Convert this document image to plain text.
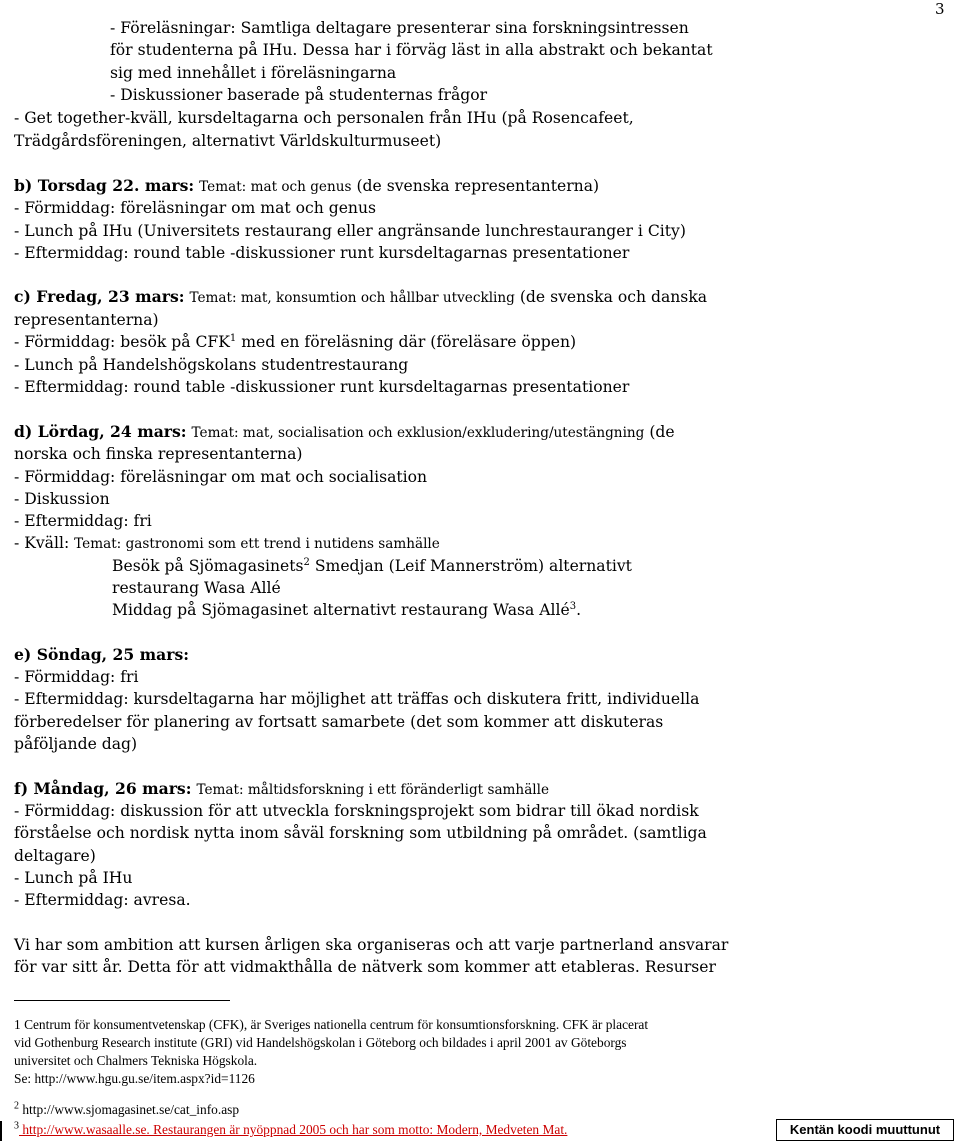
3
- Föreläsningar: Samtliga deltagare presenterar sina forskningsintressen
för studenterna på IHu. Dessa har i förväg läst in alla abstrakt och bekantat
sig med innehållet i föreläsningarna
- Diskussioner baserade på studenternas frågor
- Get together-kväll, kursdeltagarna och personalen från IHu (på Rosencafeet,
Trädgårdsföreningen, alternativt Världskulturmuseet)
b) Torsdag 22. mars: Temat: mat och genus (de svenska representanterna)
- Förmiddag: föreläsningar om mat och genus
- Lunch på IHu (Universitets restaurang eller angränsande lunchrestauranger i City)
- Eftermiddag: round table -diskussioner runt kursdeltagarnas presentationer
c) Fredag, 23 mars: Temat: mat, konsumtion och hållbar utveckling (de svenska och danska
representanterna)
- Förmiddag: besök på CFK$^1$ med en föreläsning där (föreläsare öppen)
- Lunch på Handelshögskolans studentrestaurang
- Eftermiddag: round table -diskussioner runt kursdeltagarnas presentationer
d) Lördag, 24 mars: Temat: mat, socialisation och exklusion/exkludering/utestängning (de
norska och finska representanterna)
- Förmiddag: föreläsningar om mat och socialisation
- Diskussion
- Eftermiddag: fri
- Kväll: Temat: gastronomi som ett trend i nutidens samhälle
Besök på Sjömagasinets$^2$ Smedjan (Leif Mannerström) alternativt
restaurang Wasa Allé
Middag på Sjömagasinet alternativt restaurang Wasa Allé$^3$.
e) Söndag, 25 mars:
- Förmiddag: fri
- Eftermiddag: kursdeltagarna har möjlighet att träffas och diskutera fritt, individuella
förberedelser för planering av fortsatt samarbete (det som kommer att diskuteras
påföljande dag)
f) Måndag, 26 mars: Temat: måltidsforskning i ett föränderligt samhälle
- Förmiddag: diskussion för att utveckla forskningsprojekt som bidrar till ökad nordisk
förståelse och nordisk nytta inom såväl forskning som utbildning på området. (samtliga
deltagare)
- Lunch på IHu
- Eftermiddag: avresa.
Vi har som ambition att kursen årligen ska organiseras och att varje partnerland ansvarar
för var sitt år. Detta för att vidmakthålla de nätverk som kommer att etableras. Resurser
1 Centrum för konsumentvetenskap (CFK), är Sveriges nationella centrum för konsumtionsforskning. CFK är placerat
vid Gothenburg Research institute (GRI) vid Handelshögskolan i Göteborg och bildades i april 2001 av Göteborgs
universitet och Chalmers Tekniska Högskola.
Se: http://www.hgu.gu.se/item.aspx?id=1126
$^2$ http://www.sjomagasinet.se/cat_info.asp
$^3$ http://www.wasaalle.se. Restaurangen är nyöppnad 2005 och har som motto: Modern, Medveten Mat.	Kentän koodi muuttunut
